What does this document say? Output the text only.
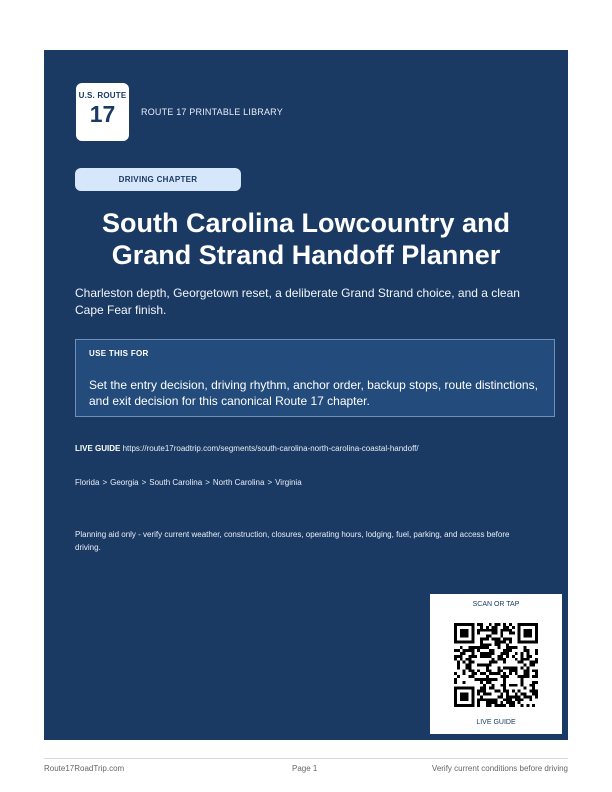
U.S. ROUTE
17	ROUTE 17 PRINTABLE LIBRARY
DRIVING CHAPTER
South Carolina Lowcountry and Grand Strand Handoff Planner

Charleston depth, Georgetown reset, a deliberate Grand Strand choice, and a clean Cape Fear finish.

USE THIS FOR
Set the entry decision, driving rhythm, anchor order, backup stops, route distinctions, and exit decision for this canonical Route 17 chapter.
LIVE GUIDE https://route17roadtrip.com/segments/south-carolina-north-carolina-coastal-handoff/
Florida > Georgia > South Carolina > North Carolina > Virginia

Planning aid only - verify current weather, construction, closures, operating hours, lodging, fuel, parking, and access before driving.

SCAN OR TAP
LIVE GUIDE
Route17RoadTrip.com	Page 1	Verify current conditions before driving
